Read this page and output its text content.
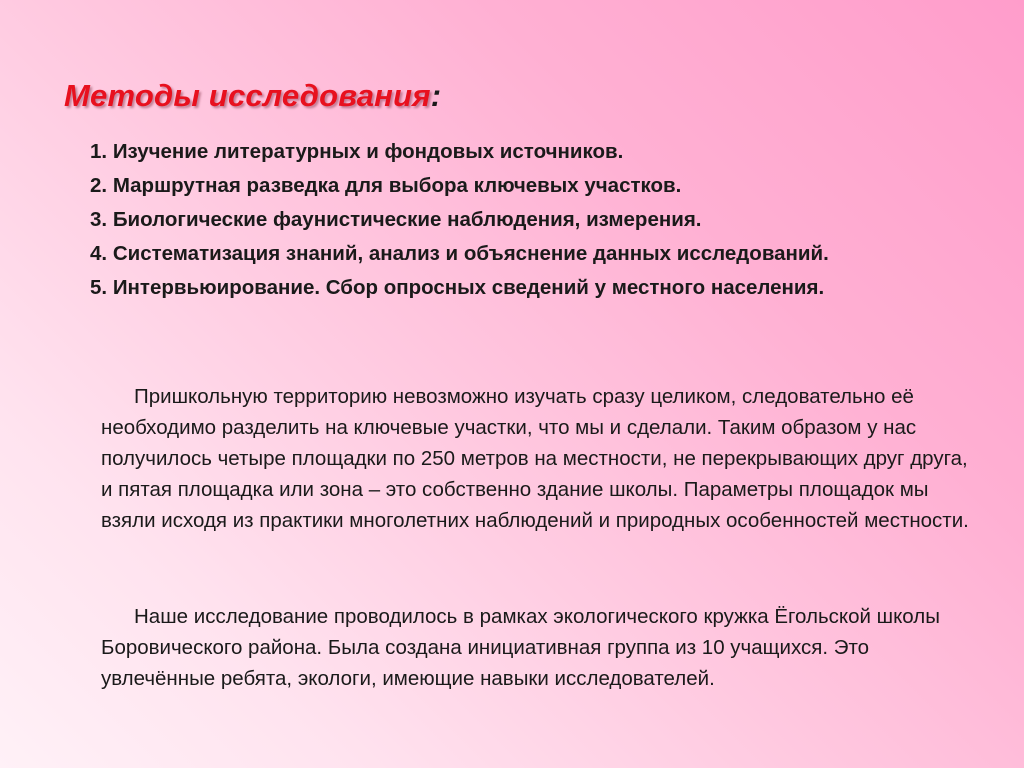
Методы исследования:
1. Изучение литературных и фондовых источников.
2. Маршрутная разведка для выбора ключевых участков.
3. Биологические фаунистические наблюдения, измерения.
4. Систематизация знаний, анализ и объяснение данных исследований.
5. Интервьюирование. Сбор опросных сведений у местного населения.

Пришкольную территорию невозможно изучать сразу целиком, следовательно её необходимо разделить на ключевые участки, что мы и сделали. Таким образом у нас получилось четыре площадки по 250 метров на местности, не перекрывающих друг друга, и пятая площадка или зона – это собственно здание школы. Параметры площадок мы взяли исходя из практики многолетних наблюдений и природных особенностей местности.

Наше исследование проводилось в рамках экологического кружка Ёгольской школы Боровического района. Была создана инициативная группа из 10 учащихся. Это увлечённые ребята, экологи, имеющие навыки исследователей.
